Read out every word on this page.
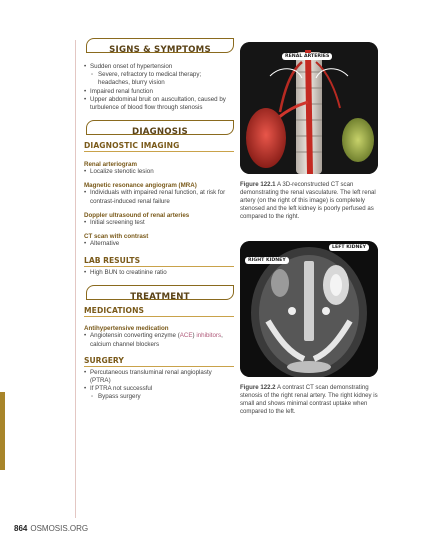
SIGNS & SYMPTOMS
• Sudden onset of hypertension
◦ Severe, refractory to medical therapy; headaches, blurry vision
• Impaired renal function
• Upper abdominal bruit on auscultation, caused by turbulence of blood flow through stenosis
DIAGNOSIS
DIAGNOSTIC IMAGING
Renal arteriogram
• Localize stenotic lesion
Magnetic resonance angiogram (MRA)
• Individuals with impaired renal function, at risk for contrast-induced renal failure
Doppler ultrasound of renal arteries
• Initial screening test
CT scan with contrast
• Alternative
LAB RESULTS
• High BUN to creatinine ratio
TREATMENT
MEDICATIONS
Antihypertensive medication
• Angiotensin converting enzyme (ACE) inhibitors, calcium channel blockers
SURGERY
• Percutaneous transluminal renal angioplasty (PTRA)
• If PTRA not successful
◦ Bypass surgery
RENAL ARTERIES
Figure 122.1 A 3D-reconstructed CT scan demonstrating the renal vasculature. The left renal artery (on the right of this image) is completely stenosed and the left kidney is poorly perfused as compared to the right.
RIGHT KIDNEY
LEFT KIDNEY
Figure 122.2 A contrast CT scan demonstrating stenosis of the right renal artery. The right kidney is small and shows minimal contrast uptake when compared to the left.
864 OSMOSIS.ORG
